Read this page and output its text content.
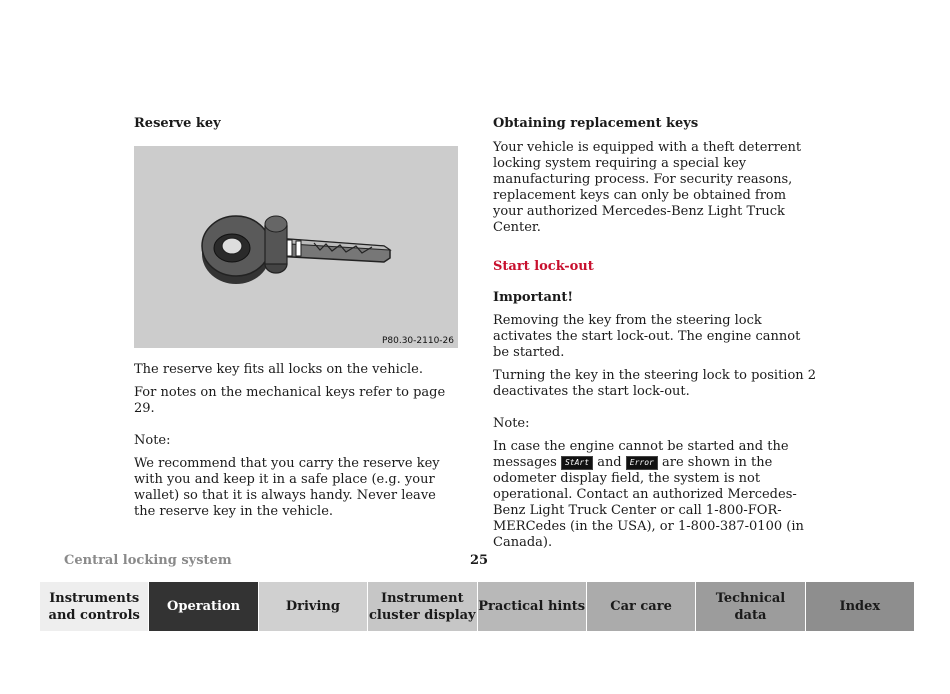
Reserve key
P80.30-2110-26

The reserve key fits all locks on the vehicle.

For notes on the mechanical keys refer to page 29.

Note:

We recommend that you carry the reserve key with you and keep it in a safe place (e.g. your wallet) so that it is always handy. Never leave the reserve key in the vehicle.

Obtaining replacement keys

Your vehicle is equipped with a theft deterrent locking system requiring a special key manufacturing process. For security reasons, replacement keys can only be obtained from your authorized Mercedes-Benz Light Truck Center.

Start lock-out
Important!

Removing the key from the steering lock activates the start lock-out. The engine cannot be started.

Turning the key in the steering lock to position 2 deactivates the start lock-out.

Note:

In case the engine cannot be started and the messages StArt and Error are shown in the odometer display field, the system is not operational. Contact an authorized Mercedes-Benz Light Truck Center or call 1-800-FOR-MERCedes (in the USA), or 1-800-387-0100 (in Canada).

Central locking system	25
Instruments
and controls
Operation	Driving
Instrument
cluster display
Practical hints Car care
Technical
data
Index
